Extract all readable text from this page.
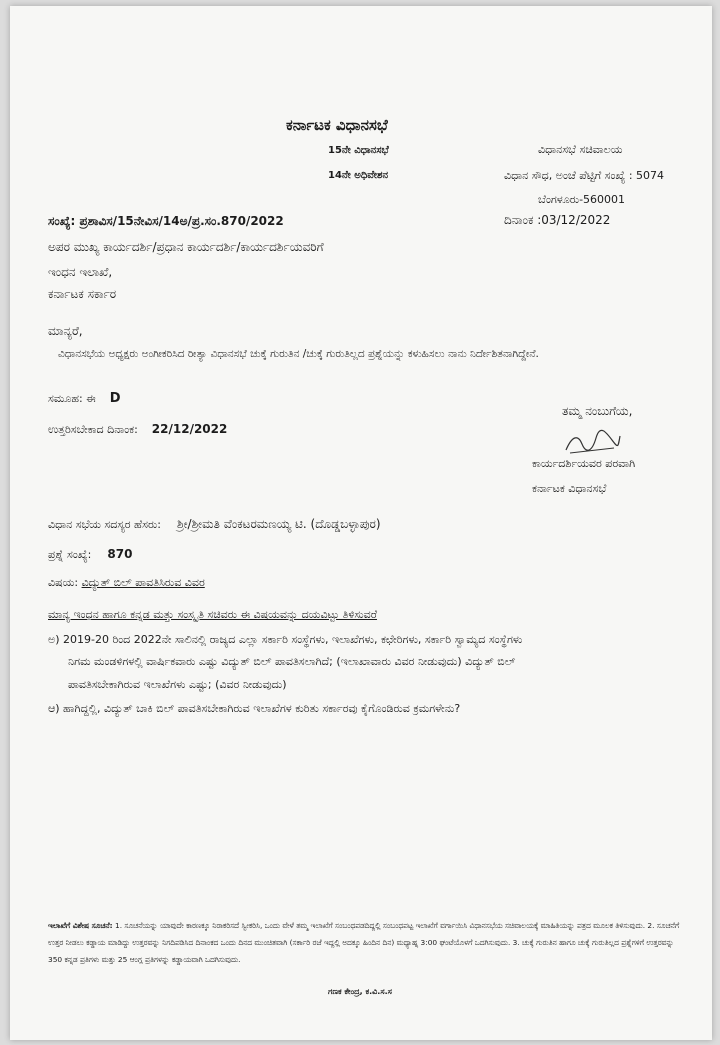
ಕರ್ನಾಟಕ ವಿಧಾನಸಭೆ
15ನೇ ವಿಧಾನಸಭೆ
14ನೇ ಅಧಿವೇಶನ
ವಿಧಾನಸಭೆ ಸಚಿವಾಲಯ
ವಿಧಾನ ಸೌಧ, ಅಂಚೆ ಪೆಟ್ಟಿಗೆ ಸಂಖ್ಯೆ : 5074
ಬೆಂಗಳೂರು-560001
ಸಂಖ್ಯೆ: ಪ್ರಶಾವಿಸ/15ನೇವಿಸ/14ಅ/ಪ್ರ.ಸಂ.870/2022	ದಿನಾಂಕ :03/12/2022
ಅಪರ ಮುಖ್ಯ ಕಾರ್ಯದರ್ಶಿ/ಪ್ರಧಾನ ಕಾರ್ಯದರ್ಶಿ/ಕಾರ್ಯದರ್ಶಿಯವರಿಗೆ
ಇಂಧನ ಇಲಾಖೆ,
ಕರ್ನಾಟಕ ಸರ್ಕಾರ
ಮಾನ್ಯರೆ,
ವಿಧಾನಸಭೆಯ ಅಧ್ಯಕ್ಷರು ಅಂಗೀಕರಿಸಿದ ರೀತ್ಯಾ ವಿಧಾನಸಭೆ ಚುಕ್ಕೆ ಗುರುತಿನ /ಚುಕ್ಕೆ ಗುರುತಿಲ್ಲದ ಪ್ರಶ್ನೆಯನ್ನು ಕಳುಹಿಸಲು ನಾನು ನಿರ್ದೇಶಿತನಾಗಿದ್ದೇನೆ.
ಸಮೂಹ: ಈ D
ಉತ್ತರಿಸಬೇಕಾದ ದಿನಾಂಕ: 22/12/2022
ತಮ್ಮ ನಂಬುಗೆಯ,
ಕಾರ್ಯದರ್ಶಿಯವರ ಪರವಾಗಿ
ಕರ್ನಾಟಕ ವಿಧಾನಸಭೆ
ವಿಧಾನ ಸಭೆಯ ಸದಸ್ಯರ ಹೆಸರು: ಶ್ರೀ/ಶ್ರೀಮತಿ ವೆಂಕಟರಮಣಯ್ಯ ಟಿ. (ದೊಡ್ಡಬಳ್ಳಾಪುರ)
ಪ್ರಶ್ನೆ ಸಂಖ್ಯೆ: 870
ವಿಷಯ: ವಿದ್ಯುತ್ ಬಿಲ್ ಪಾವತಿಸಿರುವ ವಿವರ
ಮಾನ್ಯ ಇಂಧನ ಹಾಗೂ ಕನ್ನಡ ಮತ್ತು ಸಂಸ್ಕೃತಿ ಸಚಿವರು ಈ ವಿಷಯವನ್ನು ದಯವಿಟ್ಟು ತಿಳಿಸುವರೆ
ಅ) 2019-20 ರಿಂದ 2022ನೇ ಸಾಲಿನಲ್ಲಿ ರಾಜ್ಯದ ಎಲ್ಲಾ ಸರ್ಕಾರಿ ಸಂಸ್ಥೆಗಳು, ಇಲಾಖೆಗಳು, ಕಛೇರಿಗಳು, ಸರ್ಕಾರಿ ಸ್ವಾಮ್ಯದ ಸಂಸ್ಥೆಗಳು
ನಿಗಮ ಮಂಡಳಿಗಳಲ್ಲಿ ವಾರ್ಷಿಕವಾರು ಎಷ್ಟು ವಿದ್ಯುತ್ ಬಿಲ್ ಪಾವತಿಸಲಾಗಿದೆ; (ಇಲಾಖಾವಾರು ವಿವರ ನೀಡುವುದು) ವಿದ್ಯುತ್ ಬಿಲ್
ಪಾವತಿಸಬೇಕಾಗಿರುವ ಇಲಾಖೆಗಳು ಎಷ್ಟು; (ವಿವರ ನೀಡುವುದು)
ಆ) ಹಾಗಿದ್ದಲ್ಲಿ, ವಿದ್ಯುತ್ ಬಾಕಿ ಬಿಲ್ ಪಾವತಿಸಬೇಕಾಗಿರುವ ಇಲಾಖೆಗಳ ಕುರಿತು ಸರ್ಕಾರವು ಕೈಗೊಂಡಿರುವ ಕ್ರಮಗಳೇನು?
ಇಲಾಖೆಗೆ ವಿಶೇಷ ಸೂಚನೆ: 1. ಸೂಚನೆಯನ್ನು ಯಾವುದೇ ಕಾರಣಕ್ಕೂ ನಿರಾಕರಿಸದೆ ಸ್ವೀಕರಿಸಿ, ಒಂದು ವೇಳೆ ತಮ್ಮ ಇಲಾಖೆಗೆ ಸಂಬಂಧಪಡದಿದ್ದಲ್ಲಿ ಸಂಬಂಧಪಟ್ಟ ಇಲಾಖೆಗೆ ವರ್ಗಾಯಿಸಿ ವಿಧಾನಸಭೆಯ ಸಚಿವಾಲಯಕ್ಕೆ ಮಾಹಿತಿಯನ್ನು ಪತ್ರದ ಮೂಲಕ ತಿಳಿಸುವುದು. 2. ಸೂಚನೆಗೆ ಉತ್ತರ ನೀಡಲು ಕಡ್ಡಾಯ ಮಾಡಿದ್ದು ಉತ್ತರವನ್ನು ನಿಗದಿಪಡಿಸಿದ ದಿನಾಂಕದ ಒಂದು ದಿನದ ಮುಂಚಿತವಾಗಿ (ಸರ್ಕಾರಿ ರಜೆ ಇದ್ದಲ್ಲಿ ಅದಕ್ಕೂ ಹಿಂದಿನ ದಿನ) ಮಧ್ಯಾಹ್ನ 3:00 ಘಂಟೆಯೊಳಗೆ ಒದಗಿಸುವುದು. 3. ಚುಕ್ಕೆ ಗುರುತಿನ ಹಾಗೂ ಚುಕ್ಕೆ ಗುರುತಿಲ್ಲದ ಪ್ರಶ್ನೆಗಳಿಗೆ ಉತ್ತರವನ್ನು 350 ಕನ್ನಡ ಪ್ರತಿಗಳು ಮತ್ತು 25 ಆಂಗ್ಲ ಪ್ರತಿಗಳನ್ನು ಕಡ್ಡಾಯವಾಗಿ ಒದಗಿಸುವುದು.
ಗಣಕ ಕೇಂದ್ರ, ಕ.ವಿ.ಸ.ಸ
